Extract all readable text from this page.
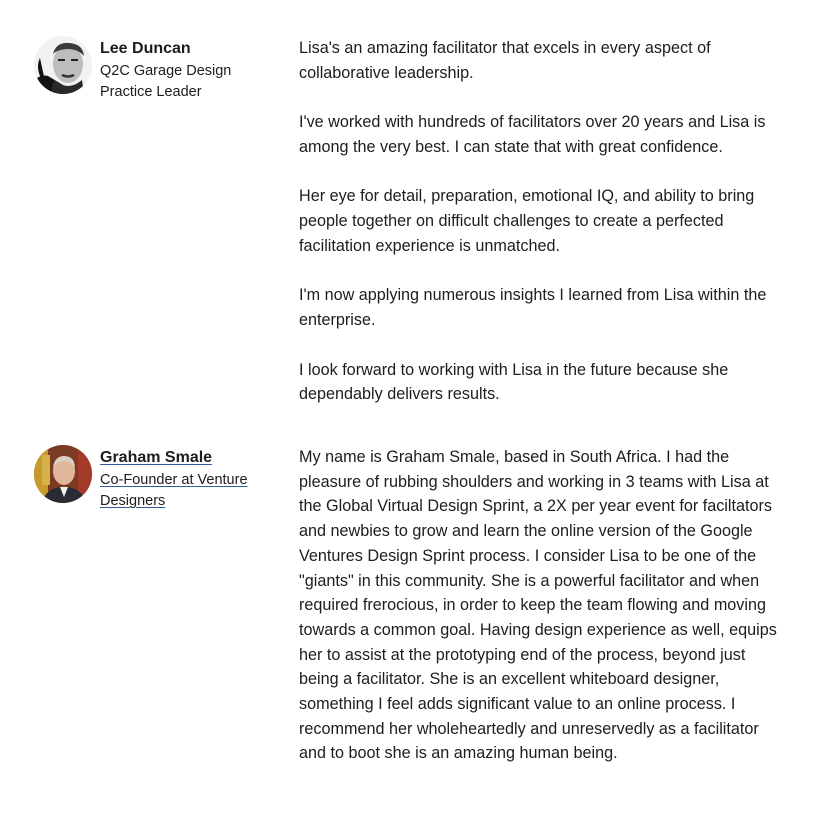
Lee Duncan
Q2C Garage Design Practice Leader

Lisa's an amazing facilitator that excels in every aspect of collaborative leadership.

I've worked with hundreds of facilitators over 20 years and Lisa is among the very best. I can state that with great confidence.

Her eye for detail, preparation, emotional IQ, and ability to bring people together on difficult challenges to create a perfected facilitation experience is unmatched.

I'm now applying numerous insights I learned from Lisa within the enterprise.

I look forward to working with Lisa in the future because she dependably delivers results.

Graham Smale
Co-Founder at Venture Designers

My name is Graham Smale, based in South Africa. I had the pleasure of rubbing shoulders and working in 3 teams with Lisa at the Global Virtual Design Sprint, a 2X per year event for faciltators and newbies to grow and learn the online version of the Google Ventures Design Sprint process. I consider Lisa to be one of the "giants" in this community. She is a powerful facilitator and when required frerocious, in order to keep the team flowing and moving towards a common goal. Having design experience as well, equips her to assist at the prototyping end of the process, beyond just being a facilitator. She is an excellent whiteboard designer, something I feel adds significant value to an online process. I recommend her wholeheartedly and unreservedly as a facilitator and to boot she is an amazing human being.
